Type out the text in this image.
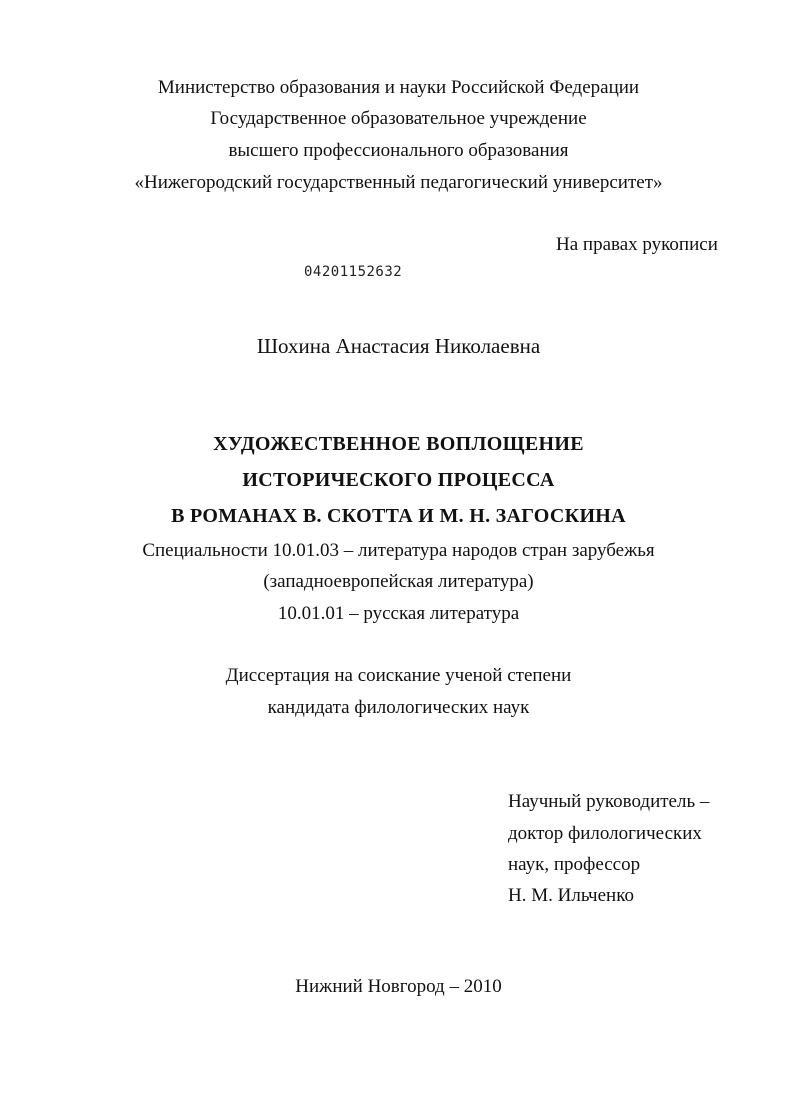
Министерство образования и науки Российской Федерации
Государственное образовательное учреждение
высшего профессионального образования
«Нижегородский государственный педагогический университет»
На правах рукописи
04201152632
Шохина Анастасия Николаевна
ХУДОЖЕСТВЕННОЕ ВОПЛОЩЕНИЕ
ИСТОРИЧЕСКОГО ПРОЦЕССА
В РОМАНАХ В. СКОТТА И М. Н. ЗАГОСКИНА
Специальности 10.01.03 – литература народов стран зарубежья
(западноевропейская литература)
10.01.01 – русская литература
Диссертация на соискание ученой степени
кандидата филологических наук
Научный руководитель –
доктор филологических
наук, профессор
Н. М. Ильченко
Нижний Новгород – 2010
